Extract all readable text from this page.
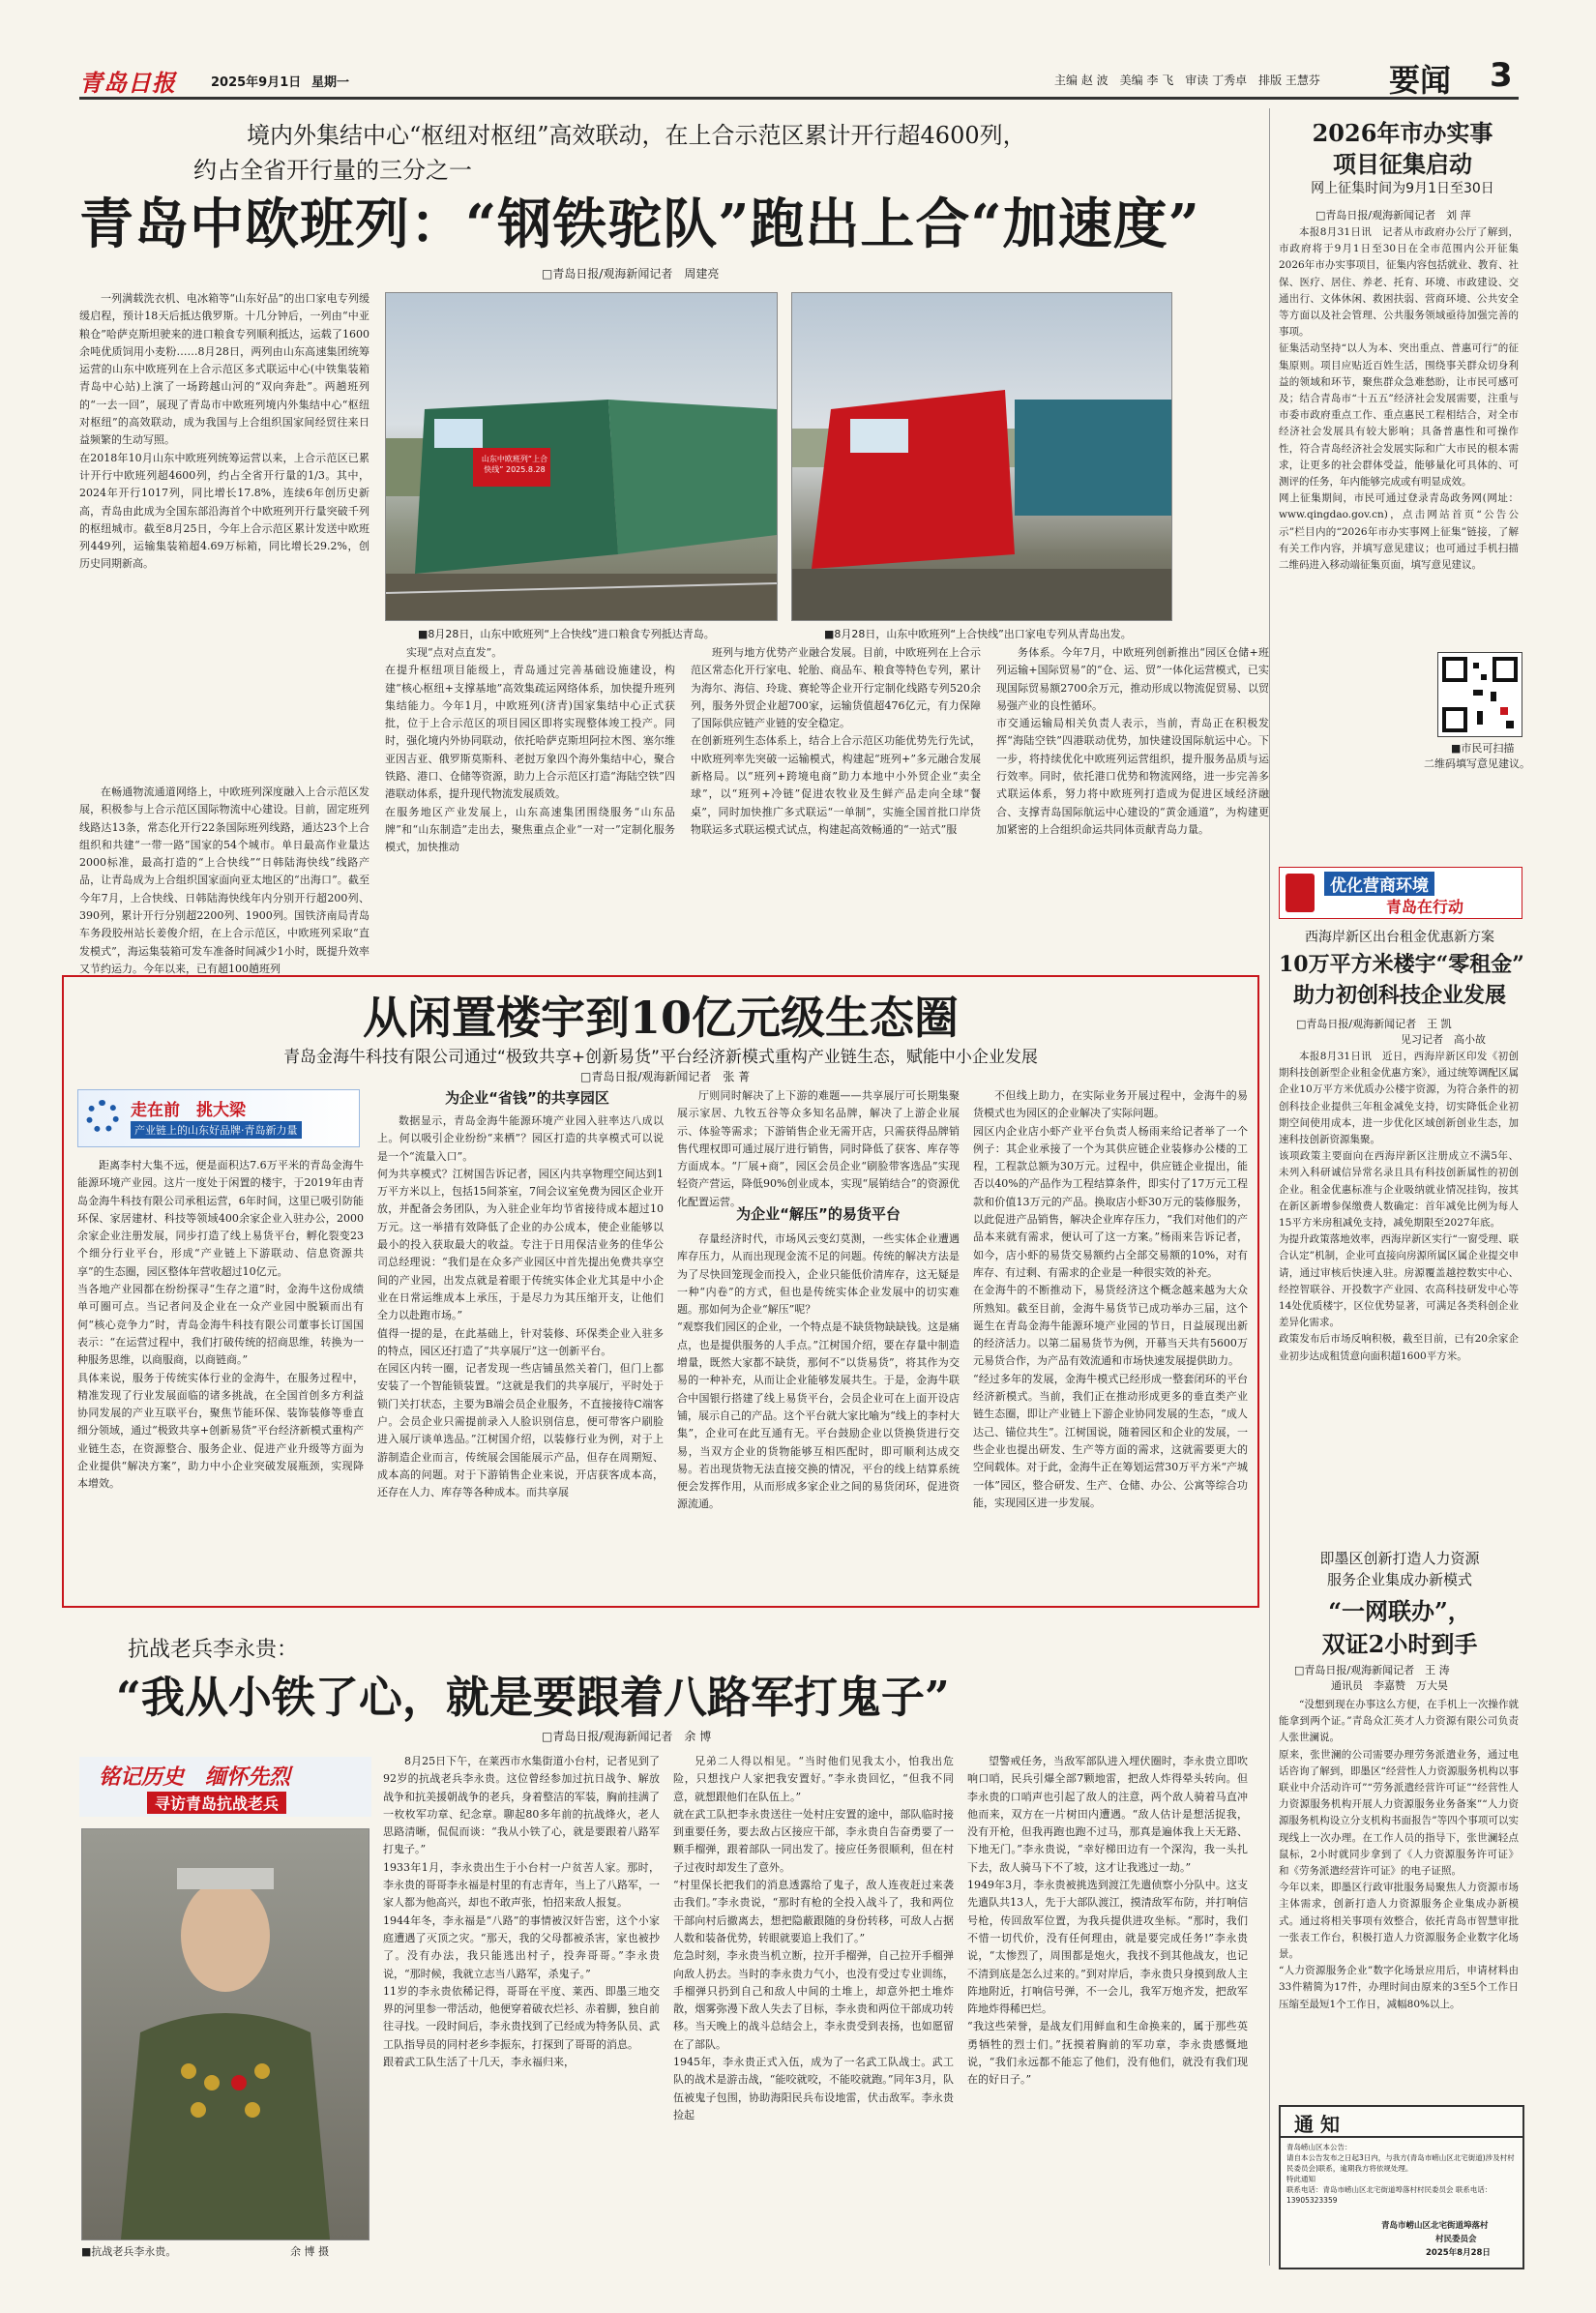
青岛日报	2025年9月1日 星期一	主编 赵 波　美编 李 飞　审读 丁秀卓　排版 王慧芬 要闻 3
境内外集结中心“枢纽对枢纽”高效联动，在上合示范区累计开行超4600列，
约占全省开行量的三分之一
青岛中欧班列：“钢铁驼队”跑出上合“加速度”
□青岛日报/观海新闻记者　周建亮
一列满载洗衣机、电冰箱等“山东好品”的出口家电专列缓缓启程，预计18天后抵达俄罗斯。十几分钟后，一列由“中亚粮仓”哈萨克斯坦驶来的进口粮食专列顺利抵达，运载了1600余吨优质饲用小麦粉……8月28日，两列由山东高速集团统筹运营的山东中欧班列在上合示范区多式联运中心(中铁集装箱青岛中心站)上演了一场跨越山河的“双向奔赴”。两趟班列的“一去一回”，展现了青岛市中欧班列境内外集结中心“枢纽对枢纽”的高效联动，成为我国与上合组织国家间经贸往来日益频繁的生动写照。
在2018年10月山东中欧班列统筹运营以来，上合示范区已累计开行中欧班列超4600列，约占全省开行量的1/3。其中，2024年开行1017列，同比增长17.8%，连续6年创历史新高，青岛由此成为全国东部沿海首个中欧班列开行量突破千列的枢纽城市。截至8月25日，今年上合示范区累计发送中欧班列449列，运输集装箱超4.69万标箱，同比增长29.2%，创历史同期新高。
山东中欧班列“上合快线” 2025.8.28
■8月28日，山东中欧班列“上合快线”进口粮食专列抵达青岛。	■8月28日，山东中欧班列“上合快线”出口家电专列从青岛出发。
在畅通物流通道网络上，中欧班列深度融入上合示范区发展，积极参与上合示范区国际物流中心建设。目前，固定班列线路达13条，常态化开行22条国际班列线路，通达23个上合组织和共建“一带一路”国家的54个城市。单日最高作业量达2000标准，最高打造的“上合快线”“日韩陆海快线”线路产品，让青岛成为上合组织国家面向亚太地区的“出海口”。截至今年7月，上合快线、日韩陆海快线年内分别开行超200列、390列，累计开行分别超2200列、1900列。国铁济南局青岛车务段胶州站长姜俊介绍，在上合示范区，中欧班列采取“直发模式”，海运集装箱可发车准备时间减少1小时，既提升效率又节约运力。今年以来，已有超100趟班列
实现“点对点直发”。
在提升枢纽项目能级上，青岛通过完善基础设施建设，构建“核心枢纽+支撑基地”高效集疏运网络体系，加快提升班列集结能力。今年1月，中欧班列(济青)国家集结中心正式获批，位于上合示范区的项目园区即将实现整体竣工投产。同时，强化境内外协同联动，依托哈萨克斯坦阿拉木图、塞尔维亚因吉亚、俄罗斯莫斯科、老挝万象四个海外集结中心，聚合铁路、港口、仓储等资源，助力上合示范区打造“海陆空铁”四港联动体系，提升现代物流发展质效。
在服务地区产业发展上，山东高速集团围绕服务“山东品牌”和“山东制造”走出去，聚焦重点企业“一对一”定制化服务模式，加快推动
班列与地方优势产业融合发展。目前，中欧班列在上合示范区常态化开行家电、轮胎、商品车、粮食等特色专列，累计为海尔、海信、玲珑、赛轮等企业开行定制化线路专列520余列，服务外贸企业超700家，运输货值超476亿元，有力保障了国际供应链产业链的安全稳定。
在创新班列生态体系上，结合上合示范区功能优势先行先试，中欧班列率先突破一运输模式，构建起“班列+”多元融合发展新格局。以“班列+跨境电商”助力本地中小外贸企业“卖全球”，以“班列+冷链”促进农牧业及生鲜产品走向全球“餐桌”，同时加快推广多式联运“一单制”，实施全国首批口岸货物联运多式联运模式试点，构建起高效畅通的“一站式”服
务体系。今年7月，中欧班列创新推出“园区仓储+班列运输+国际贸易”的“仓、运、贸”一体化运营模式，已实现国际贸易额2700余万元，推动形成以物流促贸易、以贸易强产业的良性循环。
市交通运输局相关负责人表示，当前，青岛正在积极发挥“海陆空铁”四港联动优势，加快建设国际航运中心。下一步，将持续优化中欧班列运营组织，提升服务品质与运行效率。同时，依托港口优势和物流网络，进一步完善多式联运体系，努力将中欧班列打造成为促进区域经济融合、支撑青岛国际航运中心建设的“黄金通道”，为构建更加紧密的上合组织命运共同体贡献青岛力量。
2026年市办实事
项目征集启动
网上征集时间为9月1日至30日
□青岛日报/观海新闻记者　刘 萍
本报8月31日讯　记者从市政府办公厅了解到，市政府将于9月1日至30日在全市范围内公开征集2026年市办实事项目，征集内容包括就业、教育、社保、医疗、居住、养老、托育、环境、市政建设、交通出行、文体休闲、救困扶弱、营商环境、公共安全等方面以及社会管理、公共服务领域亟待加强完善的事项。
征集活动坚持“以人为本、突出重点、普惠可行”的征集原则。项目应贴近百姓生活，围绕事关群众切身利益的领域和环节，聚焦群众急难愁盼，让市民可感可及；结合青岛市“十五五”经济社会发展需要，注重与市委市政府重点工作、重点惠民工程相结合，对全市经济社会发展具有较大影响；具备普惠性和可操作性，符合青岛经济社会发展实际和广大市民的根本需求，让更多的社会群体受益，能够量化可具体的、可测评的任务，年内能够完成或有明显成效。
网上征集期间，市民可通过登录青岛政务网(网址：www.qingdao.gov.cn)，点击网站首页“公告公示”栏目内的“2026年市办实事网上征集”链接，了解有关工作内容，并填写意见建议；也可通过手机扫描二维码进入移动端征集页面，填写意见建议。
■市民可扫描
二维码填写意见建议。
优化营商环境
青岛在行动
西海岸新区出台租金优惠新方案
10万平方米楼宇“零租金”
助力初创科技企业发展
□青岛日报/观海新闻记者　王 凯
见习记者　高小故
本报8月31日讯　近日，西海岸新区印发《初创期科技创新型企业租金优惠方案》，通过统筹调配区属企业10万平方米优质办公楼宇资源，为符合条件的初创科技企业提供三年租金减免支持，切实降低企业初期空间使用成本，进一步优化区域创新创业生态，加速科技创新资源集聚。
该项政策主要面向在西海岸新区注册成立不满5年、未列入科研诚信异常名录且具有科技创新属性的初创企业。租金优惠标准与企业吸纳就业情况挂钩，按其在新区新增参保缴费人数确定：首年减免比例为每人15平方米房租减免支持，减免期限至2027年底。
为提升政策落地效率，西海岸新区实行“一窗受理、联合认定”机制，企业可直接向房源所属区属企业提交申请，通过审核后快速入驻。房源覆盖越控数实中心、经控智联谷、开投数字产业园、农高科技研发中心等14处优质楼宇，区位优势显著，可满足各类科创企业差异化需求。
政策发布后市场反响积极，截至目前，已有20余家企业初步达成租赁意向面积超1600平方米。
即墨区创新打造人力资源
服务企业集成办新模式
“一网联办”，
双证2小时到手
□青岛日报/观海新闻记者　王 涛
通讯员　李嘉赞　万大昊
“没想到现在办事这么方便，在手机上一次操作就能拿到两个证。”青岛众汇英才人力资源有限公司负责人张世澜说。
原来，张世澜的公司需要办理劳务派遣业务，通过电话咨询了解到，即墨区“经营性人力资源服务机构以事联业中介活动许可”“劳务派遣经营许可证”“经营性人力资源服务机构开展人力资源服务业务备案”“人力资源服务机构设立分支机构书面报告”等四个事项可以实现线上一次办理。在工作人员的指导下，张世澜轻点鼠标，2小时就同步拿到了《人力资源服务许可证》和《劳务派遣经营许可证》的电子证照。
今年以来，即墨区行政审批服务局聚焦人力资源市场主体需求，创新打造人力资源服务企业集成办新模式。通过将相关事项有效整合，依托青岛市智慧审批一张表工作台，积极打造人力资源服务企业数字化场景。
“人力资源服务企业”数字化场景应用后，申请材料由33件精简为17件，办理时间由原来的3至5个工作日压缩至最短1个工作日，减幅80%以上。
通 知
青岛崂山区本公告：
请自本公告发布之日起3日内，与我方(青岛市崂山区北宅街道)涉及村村民委员会)联系，逾期我方将依规处理。
特此通知
联系电话：青岛市崂山区北宅街道埠落村村民委员会 联系电话：13905323359
青岛市崂山区北宅街道埠落村
村民委员会
2025年8月28日
从闲置楼宇到10亿元级生态圈
青岛金海牛科技有限公司通过“极致共享+创新易货”平台经济新模式重构产业链生态，赋能中小企业发展
□青岛日报/观海新闻记者　张 菁
走在前　挑大梁
产业链上的山东好品牌·青岛新力量
距离李村大集不远，便是面积达7.6万平米的青岛金海牛能源环境产业园。这片一度处于闲置的楼宇，于2019年由青岛金海牛科技有限公司承租运营，6年时间，这里已吸引防能环保、家居建材、科技等领域400余家企业入驻办公，2000余家企业注册发展，同步打造了线上易货平台，孵化裂变23个细分行业平台，形成“产业链上下游联动、信息资源共享”的生态圈，园区整体年营收超过10亿元。
当各地产业园都在纷纷探寻“生存之道”时，金海牛这份成绩单可圈可点。当记者问及企业在一众产业园中脱颖而出有何“核心竞争力”时，青岛金海牛科技有限公司董事长订国国表示：“在运营过程中，我们打破传统的招商思维，转换为一种服务思维，以商服商，以商链商。”
具体来说，服务于传统实体行业的金海牛，在服务过程中，精准发现了行业发展面临的诸多挑战，在全国首创多方利益协同发展的产业互联平台，聚焦节能环保、装饰装修等垂直细分领域，通过“极致共享+创新易货”平台经济新模式重构产业链生态，在资源整合、服务企业、促进产业升级等方面为企业提供“解决方案”，助力中小企业突破发展瓶颈，实现降本增效。
为企业“省钱”的共享园区
数据显示，青岛金海牛能源环境产业园入驻率达八成以上。何以吸引企业纷纷“来栖”？园区打造的共享模式可以说是一个“流量入口”。
何为共享模式？江树国告诉记者，园区内共享物理空间达到1万平方米以上，包括15间茶室，7间会议室免费为园区企业开放，并配备会务团队，为入驻企业年均节省接待成本超过10万元。这一举措有效降低了企业的办公成本，使企业能够以最小的投入获取最大的收益。专注于日用保洁业务的佳华公司总经理说：“我们是在众多产业园区中首先提出免费共享空间的产业园，出发点就是着眼于传统实体企业尤其是中小企业在日常运维成本上承压，于是尽力为其压缩开支，让他们全力以赴跑市场。”
值得一提的是，在此基础上，针对装修、环保类企业入驻多的特点，园区还打造了“共享展厅”这一创新平台。
在园区内转一圈，记者发现一些店铺虽然关着门，但门上都安装了一个智能锁装置。“这就是我们的共享展厅，平时处于锁门关打状态，主要为B端会员企业服务，不直接接待C端客户。会员企业只需提前录入人脸识别信息，便可带客户刷脸进入展厅谈单选品。”江树国介绍，以装修行业为例，对于上游制造企业而言，传统展会国能展示产品，但存在周期短、成本高的问题。对于下游销售企业来说，开店获客成本高，还存在人力、库存等各种成本。而共享展
厅则同时解决了上下游的难题——共享展厅可长期集聚展示家居、九牧五谷等众多知名品牌，解决了上游企业展示、体验等需求；下游销售企业无需开店，只需获得品牌销售代理权即可通过展厅进行销售，同时降低了获客、库存等方面成本。“厂展+商”，园区会员企业“刷脸带客选品”实现轻资产营运，降低90%创业成本，实现“展销结合”的资源优化配置运营。
为企业“解压”的易货平台
存量经济时代，市场风云变幻莫测，一些实体企业遭遇库存压力，从而出现现金流不足的问题。传统的解决方法是为了尽快回笼现金而投入，企业只能低价清库存，这无疑是一种“内卷”的方式，但也是传统实体企业发展中的切实难题。那如何为企业“解压”呢？
“观察我们园区的企业，一个特点是不缺货物缺缺钱。这是痛点，也是提供服务的人手点。”江树国介绍，要在存量中制造增量，既然大家都不缺货，那何不“以货易货”，将其作为交易的一种补充，从而让企业能够发展共生。于是，金海牛联合中国银行搭建了线上易货平台，会员企业可在上面开设店铺，展示自己的产品。这个平台就大家比喻为“线上的李村大集”，企业可在此互通有无。平台鼓励企业以货换货进行交易，当双方企业的货物能够互相匹配时，即可顺利达成交易。若出现货物无法直接交换的情况，平台的线上结算系统便会发挥作用，从而形成多家企业之间的易货闭环，促进资源流通。
不但线上助力，在实际业务开展过程中，金海牛的易货模式也为园区的企业解决了实际问题。
园区内企业店小虾产业平台负责人杨雨来给记者举了一个例子：其企业承接了一个为其供应链企业装修办公楼的工程，工程款总额为30万元。过程中，供应链企业提出，能否以40%的产品作为工程结算条件，即实付了17万元工程款和价值13万元的产品。换取店小虾30万元的装修服务，以此促进产品销售，解决企业库存压力，“我们对他们的产品本来就有需求，便认可了这一方案。”杨雨来告诉记者，如今，店小虾的易货交易额约占全部交易额的10%，对有库存、有过剩、有需求的企业是一种很实效的补充。
在金海牛的不断推动下，易货经济这个概念越来越为大众所熟知。截至目前，金海牛易货节已成功举办三届，这个诞生在青岛金海牛能源环境产业园的节日，日益展现出新的经济活力。以第二届易货节为例，开幕当天共有5600万元易货合作，为产品有效流通和市场快速发展提供助力。
“经过多年的发展，金海牛模式已经形成一整套闭环的平台经济新模式。当前，我们正在推动形成更多的垂直类产业链生态圈，即让产业链上下游企业协同发展的生态，“成人达己、锚位共生”。江树国说，随着园区和企业的发展，一些企业也提出研发、生产等方面的需求，这就需要更大的空间载体。对于此，金海牛正在筹划运营30万平方米“产城一体”园区，整合研发、生产、仓储、办公、公寓等综合功能，实现园区进一步发展。
抗战老兵李永贵：
“我从小铁了心，就是要跟着八路军打鬼子”
□青岛日报/观海新闻记者　余 博
铭记历史　缅怀先烈
寻访青岛抗战老兵
■抗战老兵李永贵。	余 博 摄
8月25日下午，在莱西市水集街道小台村，记者见到了92岁的抗战老兵李永贵。这位曾经参加过抗日战争、解放战争和抗美援朝战争的老兵，身着整洁的军装，胸前挂满了一枚枚军功章、纪念章。聊起80多年前的抗战烽火，老人思路清晰，侃侃而谈：“我从小铁了心，就是要跟着八路军打鬼子。”
1933年1月，李永贵出生于小台村一户贫苦人家。那时，李永贵的哥哥李永福是村里的有志青年，当上了八路军，一家人都为他高兴，却也不敢声张，怕招来敌人报复。
1944年冬，李永福是“八路”的事情被汉奸告密，这个小家庭遭遇了灭顶之灾。“那天，我的父母都被杀害，家也被抄了。没有办法，我只能逃出村子，投奔哥哥。”李永贵说，“那时候，我就立志当八路军，杀鬼子。”
11岁的李永贵依稀记得，哥哥在平度、莱西、即墨三地交界的河里参一带活动，他便穿着破衣烂衫、赤着脚，独自前往寻找。一段时间后，李永贵找到了已经成为特务队员、武工队指导员的同村老乡李振东，打探到了哥哥的消息。
跟着武工队生活了十几天，李永福归来，
兄弟二人得以相见。“当时他们见我太小，怕我出危险，只想找户人家把我安置好。”李永贵回忆，“但我不同意，就想跟他们在队伍上。”
就在武工队把李永贵送往一处村庄安置的途中，部队临时接到重要任务，要去敌占区接应干部，李永贵自告奋勇要了一颗手榴弹，跟着部队一同出发了。接应任务很顺利，但在村子过夜时却发生了意外。
“村里保长把我们的消息透露给了鬼子，敌人连夜赶过来袭击我们。”李永贵说，“那时有枪的全投入战斗了，我和两位干部向村后撤离去，想把隐蔽跟随的身份转移，可敌人占据人数和装备优势，转眼就要追上我们了。”
危急时刻，李永贵当机立断，拉开手榴弹，自己拉开手榴弹向敌人扔去。当时的李永贵力气小，也没有受过专业训练，手榴弹只扔到自己和敌人中间的土堆上，却意外把土堆炸散，烟雾弥漫下敌人失去了目标，李永贵和两位干部成功转移。当天晚上的战斗总结会上，李永贵受到表扬，也如愿留在了部队。
1945年，李永贵正式入伍，成为了一名武工队战士。武工队的战术是游击战，“能咬就咬，不能咬就跑。”同年3月，队伍被鬼子包围，协助海阳民兵布设地雷，伏击敌军。李永贵捡起
望警戒任务，当敌军部队进入埋伏圈时，李永贵立即吹响口哨，民兵引爆全部7颗地雷，把敌人炸得晕头转向。但李永贵的口哨声也引起了敌人的注意，两个敌人骑着马直冲他而来，双方在一片树田内遭遇。“敌人估计是想活捉我，没有开枪，但我再跑也跑不过马，那真是遍体我上天无路、下地无门。”李永贵说，“幸好梯田边有一个深沟，我一头扎下去，敌人骑马下不了坡，这才让我逃过一劫。”
1949年3月，李永贵被挑选到渡江先遣侦察小分队中。这支先遣队共13人，先于大部队渡江，摸清敌军布防，并打响信号枪，传回敌军位置，为我兵提供进攻坐标。“那时，我们不惜一切代价，没有任何理由，就是要完成任务!”李永贵说，“太惨烈了，周围都是炮火，我找不到其他战友，也记不清到底是怎么过来的。”到对岸后，李永贵只身摸到敌人主阵地附近，打响信号弹，不一会儿，我军万炮齐发，把敌军阵地炸得稀巴烂。
“我这些荣誉，是战友们用鲜血和生命换来的，属于那些英勇牺牲的烈士们。”抚摸着胸前的军功章，李永贵感慨地说，“我们永远都不能忘了他们，没有他们，就没有我们现在的好日子。”
